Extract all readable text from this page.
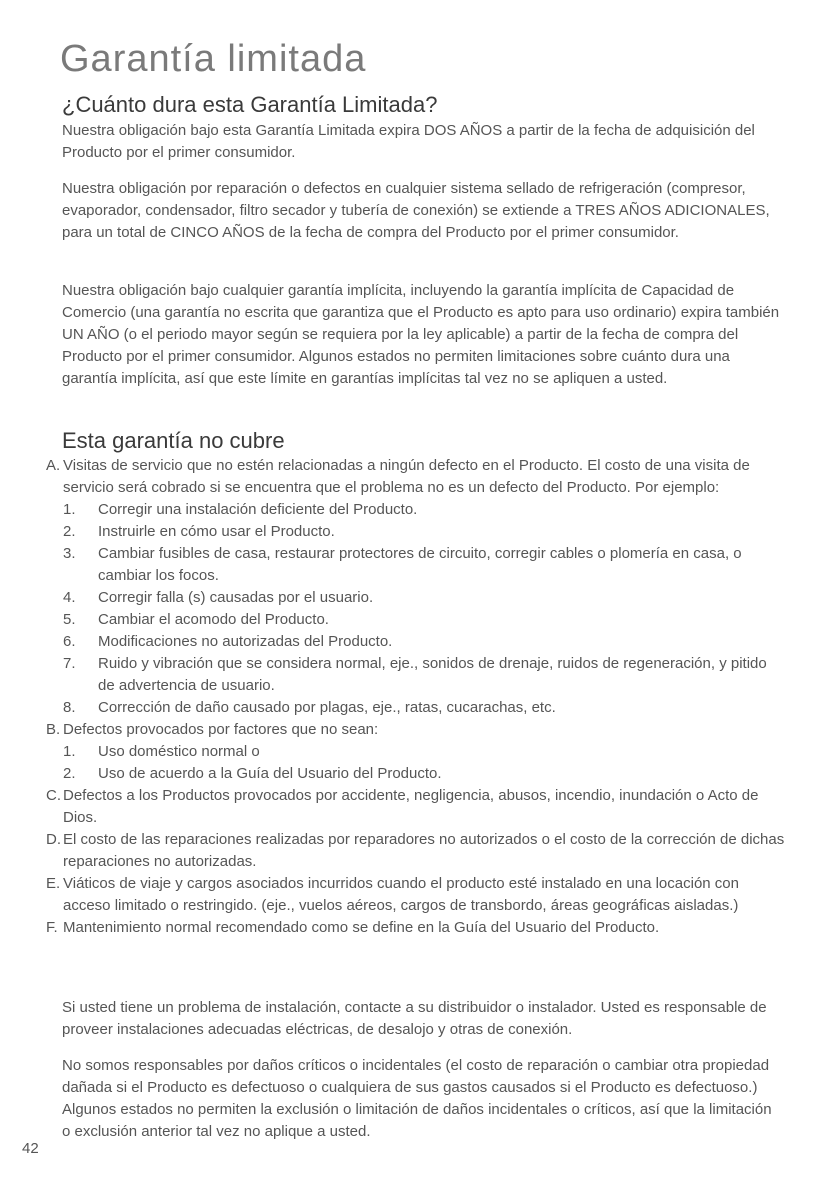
Garantía limitada
¿Cuánto dura esta Garantía Limitada?

Nuestra obligación bajo esta Garantía Limitada expira DOS AÑOS a partir de la fecha de adquisición del Producto por el primer consumidor.

Nuestra obligación por reparación o defectos en cualquier sistema sellado de refrigeración (compresor, evaporador, condensador, filtro secador y tubería de conexión) se extiende a TRES AÑOS ADICIONALES, para un total de CINCO AÑOS de la fecha de compra del Producto por el primer consumidor.

Nuestra obligación bajo cualquier garantía implícita, incluyendo la garantía implícita de Capacidad de Comercio (una garantía no escrita que garantiza que el Producto es apto para uso ordinario) expira también UN AÑO (o el periodo mayor según se requiera por la ley aplicable) a partir de la fecha de compra del Producto por el primer consumidor. Algunos estados no permiten limitaciones sobre cuánto dura una garantía implícita, así que este límite en garantías implícitas tal vez no se apliquen a usted.

Esta garantía no cubre
A. Visitas de servicio que no estén relacionadas a ningún defecto en el Producto. El costo de una visita de servicio será cobrado si se encuentra que el problema no es un defecto del Producto. Por ejemplo:
1. Corregir una instalación deficiente del Producto.
2. Instruirle en cómo usar el Producto.
3. Cambiar fusibles de casa, restaurar protectores de circuito, corregir cables o plomería en casa, o cambiar los focos.
4. Corregir falla (s) causadas por el usuario.
5. Cambiar el acomodo del Producto.
6. Modificaciones no autorizadas del Producto.
7. Ruido y vibración que se considera normal, eje., sonidos de drenaje, ruidos de regeneración, y pitido de advertencia de usuario.
8. Corrección de daño causado por plagas, eje., ratas, cucarachas, etc.
B. Defectos provocados por factores que no sean:
1. Uso doméstico normal o
2. Uso de acuerdo a la Guía del Usuario del Producto.
C. Defectos a los Productos provocados por accidente, negligencia, abusos, incendio, inundación o Acto de Dios.
D. El costo de las reparaciones realizadas por reparadores no autorizados o el costo de la corrección de dichas reparaciones no autorizadas.
E. Viáticos de viaje y cargos asociados incurridos cuando el producto esté instalado en una locación con acceso limitado o restringido. (eje., vuelos aéreos, cargos de transbordo, áreas geográficas aisladas.)
F. Mantenimiento normal recomendado como se define en la Guía del Usuario del Producto.

Si usted tiene un problema de instalación, contacte a su distribuidor o instalador. Usted es responsable de proveer instalaciones adecuadas eléctricas, de desalojo y otras de conexión.

No somos responsables por daños críticos o incidentales (el costo de reparación o cambiar otra propiedad dañada si el Producto es defectuoso o cualquiera de sus gastos causados si el Producto es defectuoso.) Algunos estados no permiten la exclusión o limitación de daños incidentales o críticos, así que la limitación o exclusión anterior tal vez no aplique a usted.

42
